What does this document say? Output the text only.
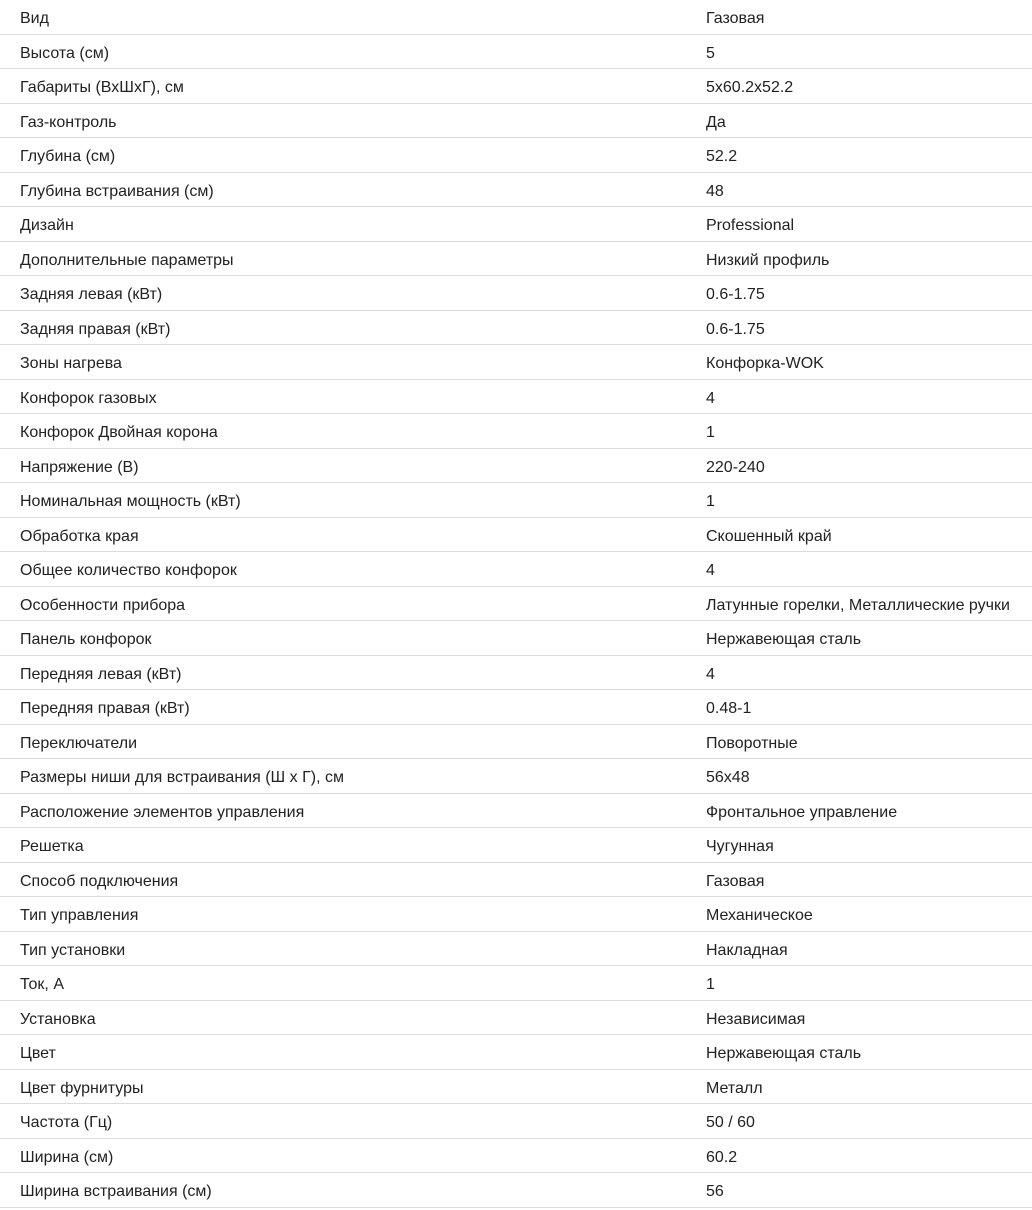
Вид	Газовая
Высота (см)	5
Габариты (ВхШхГ), см	5x60.2x52.2
Газ-контроль	Да
Глубина (см)	52.2
Глубина встраивания (см)	48
Дизайн	Professional
Дополнительные параметры	Низкий профиль
Задняя левая (кВт)	0.6-1.75
Задняя правая (кВт)	0.6-1.75
Зоны нагрева	Конфорка-WOK
Конфорок газовых	4
Конфорок Двойная корона	1
Напряжение (В)	220-240
Номинальная мощность (кВт)	1
Обработка края	Скошенный край
Общее количество конфорок	4
Особенности прибора	Латунные горелки, Металлические ручки
Панель конфорок	Нержавеющая сталь
Передняя левая (кВт)	4
Передняя правая (кВт)	0.48-1
Переключатели	Поворотные
Размеры ниши для встраивания (Ш х Г), см	56x48
Расположение элементов управления	Фронтальное управление
Решетка	Чугунная
Способ подключения	Газовая
Тип управления	Механическое
Тип установки	Накладная
Ток, А	1
Установка	Независимая
Цвет	Нержавеющая сталь
Цвет фурнитуры	Металл
Частота (Гц)	50 / 60
Ширина (см)	60.2
Ширина встраивания (см)	56
